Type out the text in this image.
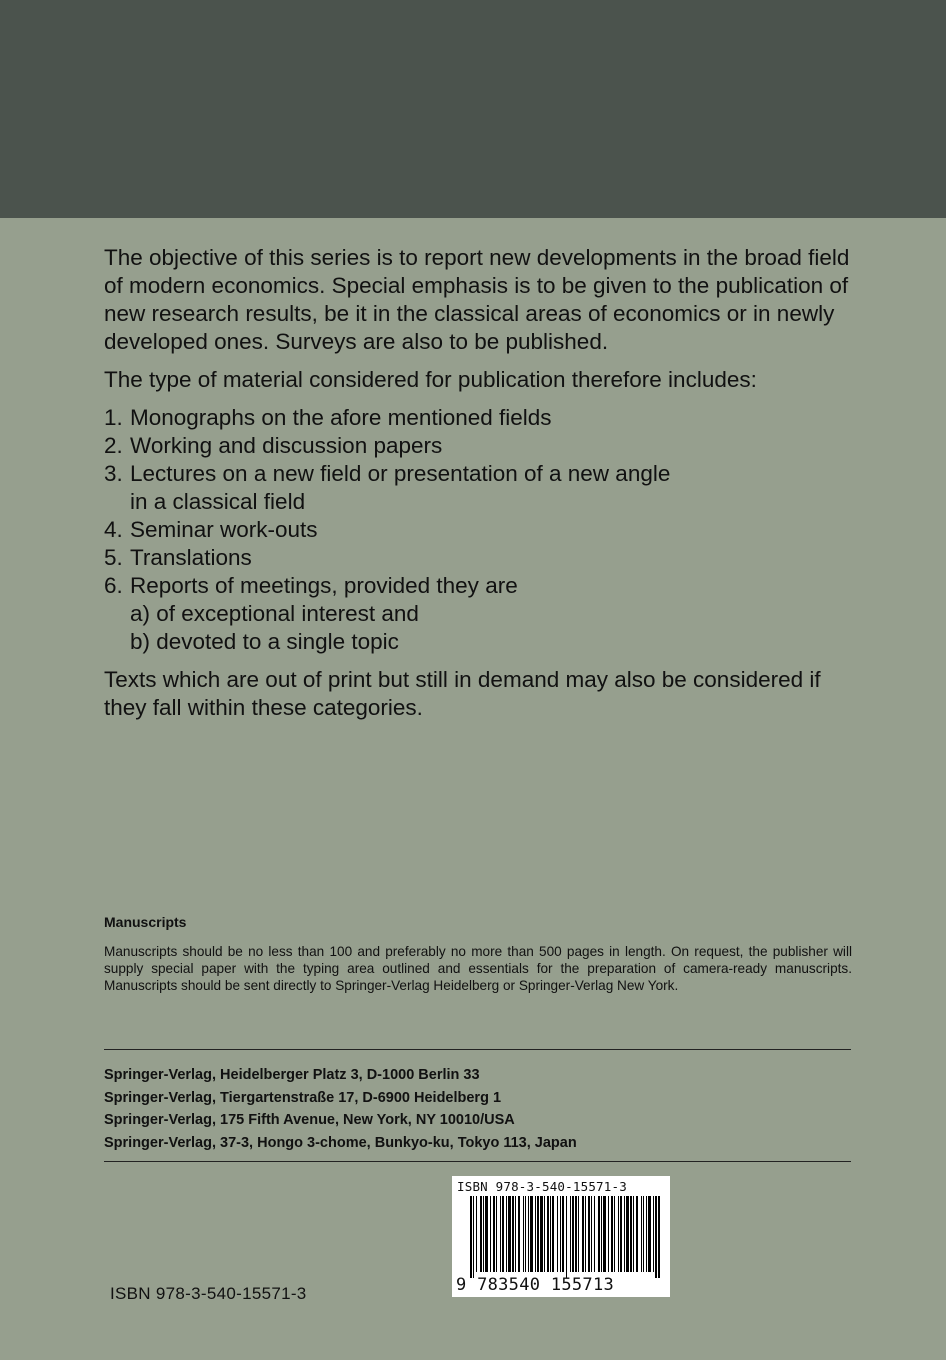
The objective of this series is to report new developments in the broad field of modern economics. Special emphasis is to be given to the publication of new research results, be it in the classical areas of economics or in newly developed ones. Surveys are also to be published.

The type of material considered for publication therefore includes:

1. Monographs on the afore mentioned fields
2. Working and discussion papers
3. Lectures on a new field or presentation of a new angle
in a classical field
4. Seminar work-outs
5. Translations
6. Reports of meetings, provided they are
a) of exceptional interest and
b) devoted to a single topic

Texts which are out of print but still in demand may also be considered if they fall within these categories.

Manuscripts

Manuscripts should be no less than 100 and preferably no more than 500 pages in length. On request, the publisher will supply special paper with the typing area outlined and essentials for the preparation of camera-ready manuscripts. Manuscripts should be sent directly to Springer-Verlag Heidelberg or Springer-Verlag New York.

Springer-Verlag, Heidelberger Platz 3, D-1000 Berlin 33
Springer-Verlag, Tiergartenstraße 17, D-6900 Heidelberg 1
Springer-Verlag, 175 Fifth Avenue, New York, NY 10010/USA
Springer-Verlag, 37-3, Hongo 3-chome, Bunkyo-ku, Tokyo 113, Japan
ISBN 978-3-540-15571-3
ISBN 978-3-540-15571-3
9 783540 155713
